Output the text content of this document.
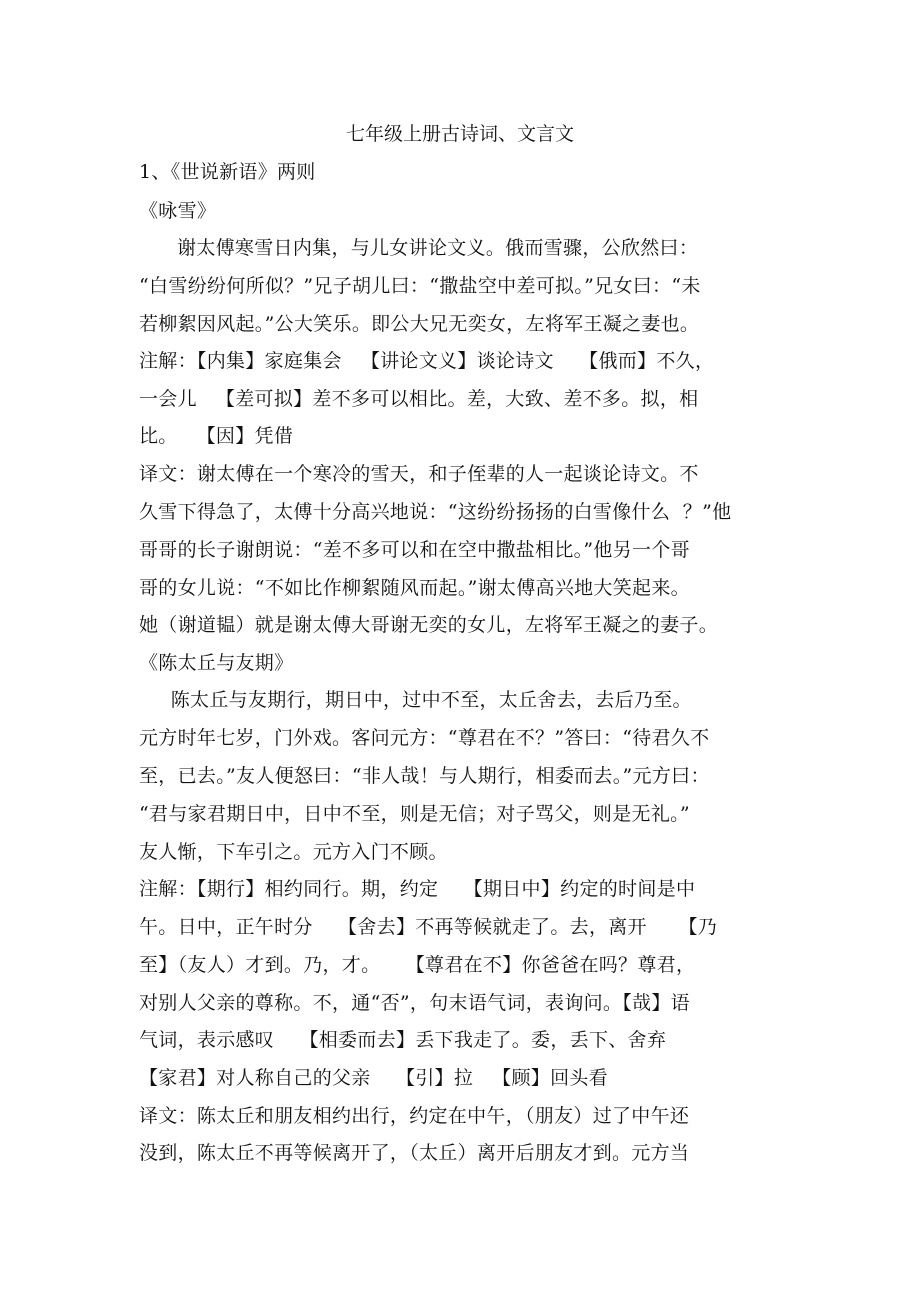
七年级上册古诗词、文言文
1、《世说新语》两则
《咏雪》
谢太傅寒雪日内集，与儿女讲论文义。俄而雪骤，公欣然曰：
“白雪纷纷何所似？”兄子胡儿曰：“撒盐空中差可拟。”兄女曰：“未
若柳絮因风起。”公大笑乐。即公大兄无奕女，左将军王凝之妻也。
注解：【内集】家庭集会   【讲论文义】谈论诗文    【俄而】不久，
一会儿   【差可拟】差不多可以相比。差，大致、差不多。拟，相
比。   【因】凭借
译文：谢太傅在一个寒冷的雪天，和子侄辈的人一起谈论诗文。不
久雪下得急了，太傅十分高兴地说：“这纷纷扬扬的白雪像什么  ？”他
哥哥的长子谢朗说：“差不多可以和在空中撒盐相比。”他另一个哥
哥的女儿说：“不如比作柳絮随风而起。”谢太傅高兴地大笑起来。
她（谢道韫）就是谢太傅大哥谢无奕的女儿，左将军王凝之的妻子。
《陈太丘与友期》
陈太丘与友期行，期日中，过中不至，太丘舍去，去后乃至。
元方时年七岁，门外戏。客问元方：“尊君在不？”答曰：“待君久不
至，已去。”友人便怒曰：“非人哉！与人期行，相委而去。”元方曰：
“君与家君期日中，日中不至，则是无信；对子骂父，则是无礼。”
友人惭，下车引之。元方入门不顾。
注解：【期行】相约同行。期，约定    【期日中】约定的时间是中
午。日中，正午时分    【舍去】不再等候就走了。去，离开     【乃
至】（友人）才到。乃，才。    【尊君在不】你爸爸在吗？尊君，
对别人父亲的尊称。不，通“否”，句末语气词，表询问。【哉】语
气词，表示感叹    【相委而去】丢下我走了。委，丢下、舍弃
【家君】对人称自己的父亲    【引】拉   【顾】回头看
译文：陈太丘和朋友相约出行，约定在中午，（朋友）过了中午还
没到，陈太丘不再等候离开了，（太丘）离开后朋友才到。元方当
